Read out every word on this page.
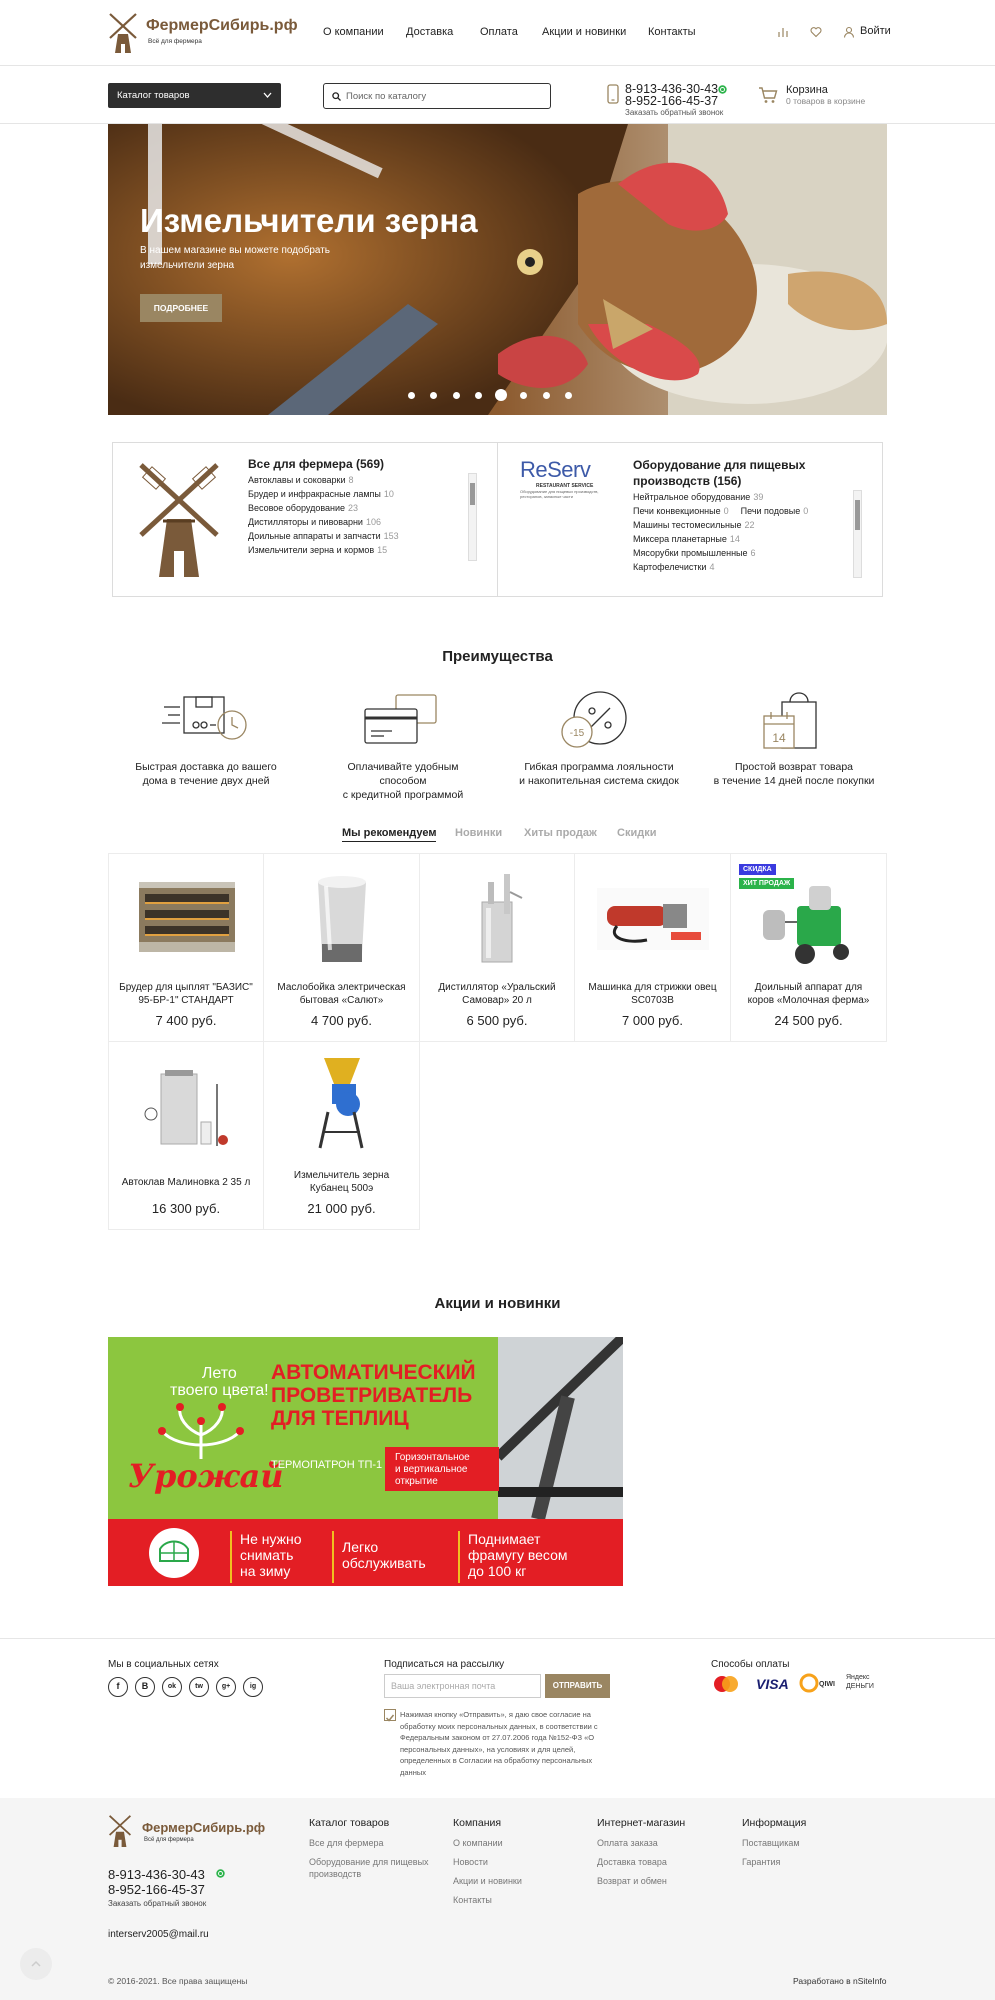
ФермерСибирь.рф
Всё для фермера
О компании Доставка Оплата Акции и новинки Контакты	Войти
Каталог товаров	Поиск по каталогу
8-913-436-30-43
8-952-166-45-37
Заказать обратный звонок
Корзина
0 товаров в корзине
Измельчители зерна
В нашем магазине вы можете подобрать
измельчители зерна
ПОДРОБНЕЕ
Все для фермера (569)
Автоклавы и соковарки 8
Брудер и инфракрасные лампы 10
Весовое оборудование 23
Дистилляторы и пивоварни 106
Доильные аппараты и запчасти 153
Измельчители зерна и кормов 15
ReServ
RESTAURANT SERVICE
Оборудование для пищевых производств, ресторанов, запасные части
Оборудование для пищевых
производств (156)
Нейтральное оборудование 39
Печи конвекционные 0 Печи подовые 0
Машины тестомесильные 22
Миксера планетарные 14
Мясорубки промышленные 6
Картофелечистки 4
Преимущества
-15	14
Быстрая доставка до вашего
дома в течение двух дней
Оплачивайте удобным способом
с кредитной программой
Гибкая программа лояльности
и накопительная система скидок
Простой возврат товара
в течение 14 дней после покупки
Мы рекомендуем Новинки Хиты продаж Скидки
Брудер для цыплят "БАЗИС"
95-БР-1" СТАНДАРТ
7 400 руб.
Маслобойка электрическая
бытовая «Салют»
4 700 руб.
Дистиллятор «Уральский
Самовар» 20 л
6 500 руб.
Машинка для стрижки овец
SC0703B
7 000 руб.
СКИДКА
ХИТ ПРОДАЖ
Доильный аппарат для
коров «Молочная ферма»
24 500 руб.
Автоклав Малиновка 2 35 л
16 300 руб.
Измельчитель зерна
Кубанец 500э
21 000 руб.
Акции и новинки
Лето
твоего цвета!
Урожай
АВТОМАТИЧЕСКИЙ
ПРОВЕТРИВАТЕЛЬ
ДЛЯ ТЕПЛИЦ
ТЕРМОПАТРОН ТП-1
Горизонтальное
и вертикальное
открытие
Не нужно
снимать
на зиму
Легко
обслуживать
Поднимает
фрамугу весом
до 100 кг
Мы в социальных сетях
f	B	ok	tw	g+	ig
Подписаться на рассылку
Ваша электронная почта	ОТПРАВИТЬ
Нажимая кнопку «Отправить», я даю свое согласие на
обработку моих персональных данных, в соответствии с
Федеральным законом от 27.07.2006 года №152-ФЗ «О
персональных данных», на условиях и для целей,
определенных в Согласии на обработку персональных
данных
Способы оплаты
VISA	QIWI
Яндекс ДЕНЬГИ
ФермерСибирь.рф
Всё для фермера
8-913-436-30-43
8-952-166-45-37
Заказать обратный звонок
interserv2005@mail.ru
Каталог товаров
Все для фермера
Оборудование для пищевых
производств
Компания
О компании
Новости
Акции и новинки
Контакты
Интернет-магазин
Оплата заказа
Доставка товара
Возврат и обмен
Информация
Поставщикам
Гарантия
© 2016-2021. Все права защищены	Разработано в nSiteInfo
